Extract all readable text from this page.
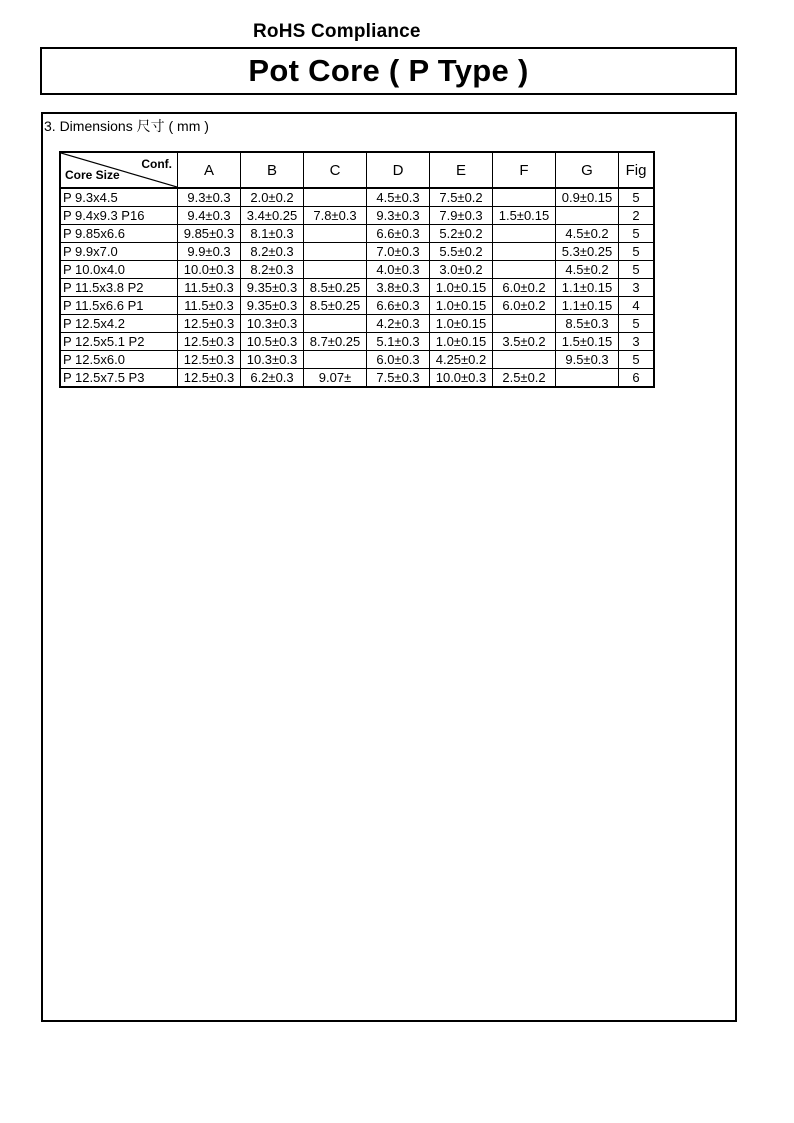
RoHS Compliance
Pot Core ( P Type )
3. Dimensions 尺寸 ( mm )
Conf.
Core Size	A	B	C	D	E	F	G	Fig
P 9.3x4.5	9.3±0.3	2.0±0.2		4.5±0.3	7.5±0.2		0.9±0.15	5
P 9.4x9.3 P16	9.4±0.3	3.4±0.25	7.8±0.3	9.3±0.3	7.9±0.3	1.5±0.15		2
P 9.85x6.6	9.85±0.3	8.1±0.3		6.6±0.3	5.2±0.2		4.5±0.2	5
P 9.9x7.0	9.9±0.3	8.2±0.3		7.0±0.3	5.5±0.2		5.3±0.25	5
P 10.0x4.0	10.0±0.3	8.2±0.3		4.0±0.3	3.0±0.2		4.5±0.2	5
P 11.5x3.8 P2	11.5±0.3	9.35±0.3	8.5±0.25	3.8±0.3	1.0±0.15	6.0±0.2	1.1±0.15	3
P 11.5x6.6 P1	11.5±0.3	9.35±0.3	8.5±0.25	6.6±0.3	1.0±0.15	6.0±0.2	1.1±0.15	4
P 12.5x4.2	12.5±0.3	10.3±0.3		4.2±0.3	1.0±0.15		8.5±0.3	5
P 12.5x5.1 P2	12.5±0.3	10.5±0.3	8.7±0.25	5.1±0.3	1.0±0.15	3.5±0.2	1.5±0.15	3
P 12.5x6.0	12.5±0.3	10.3±0.3		6.0±0.3	4.25±0.2		9.5±0.3	5
P 12.5x7.5 P3	12.5±0.3	6.2±0.3	9.07±	7.5±0.3	10.0±0.3	2.5±0.2		6
